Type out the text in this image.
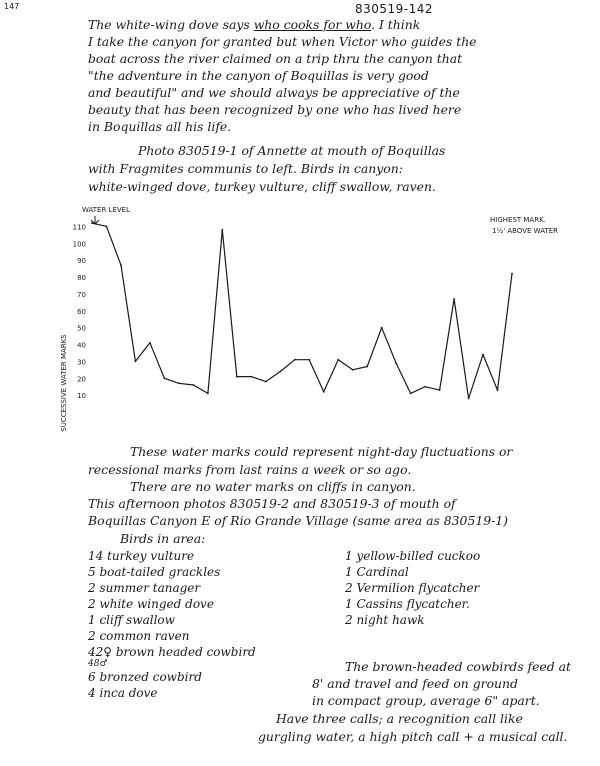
147	830519-142
The white-wing dove says who cooks for who. I think
I take the canyon for granted but when Victor who guides the
boat across the river claimed on a trip thru the canyon that
"the adventure in the canyon of Boquillas is very good
and beautiful" and we should always be appreciative of the
beauty that has been recognized by one who has lived here
in Boquillas all his life.
Photo 830519-1 of Annette at mouth of Boquillas
with Fragmites communis to left. Birds in canyon:
white-winged dove, turkey vulture, cliff swallow, raven.
SUCCESSIVE WATER MARKS 10
20
30
40
50
60
70
80
90
100
110
WATER LEVEL
HIGHEST MARK.
1½' ABOVE WATER
These water marks could represent night-day fluctuations or
recessional marks from last rains a week or so ago.
There are no water marks on cliffs in canyon.
This afternoon photos 830519-2 and 830519-3 of mouth of
Boquillas Canyon E of Rio Grande Village (same area as 830519-1)
Birds in area:
14 turkey vulture
5 boat-tailed grackles
2 summer tanager
2 white winged dove
1 cliff swallow
2 common raven
42♀ brown headed cowbird
48♂
6 bronzed cowbird
4 inca dove
1 yellow-billed cuckoo
1 Cardinal
2 Vermilion flycatcher
1 Cassins flycatcher.
2 night hawk
The brown-headed cowbirds feed at
8' and travel and feed on ground
in compact group, average 6" apart.
Have three calls; a recognition call like
gurgling water, a high pitch call + a musical call.
